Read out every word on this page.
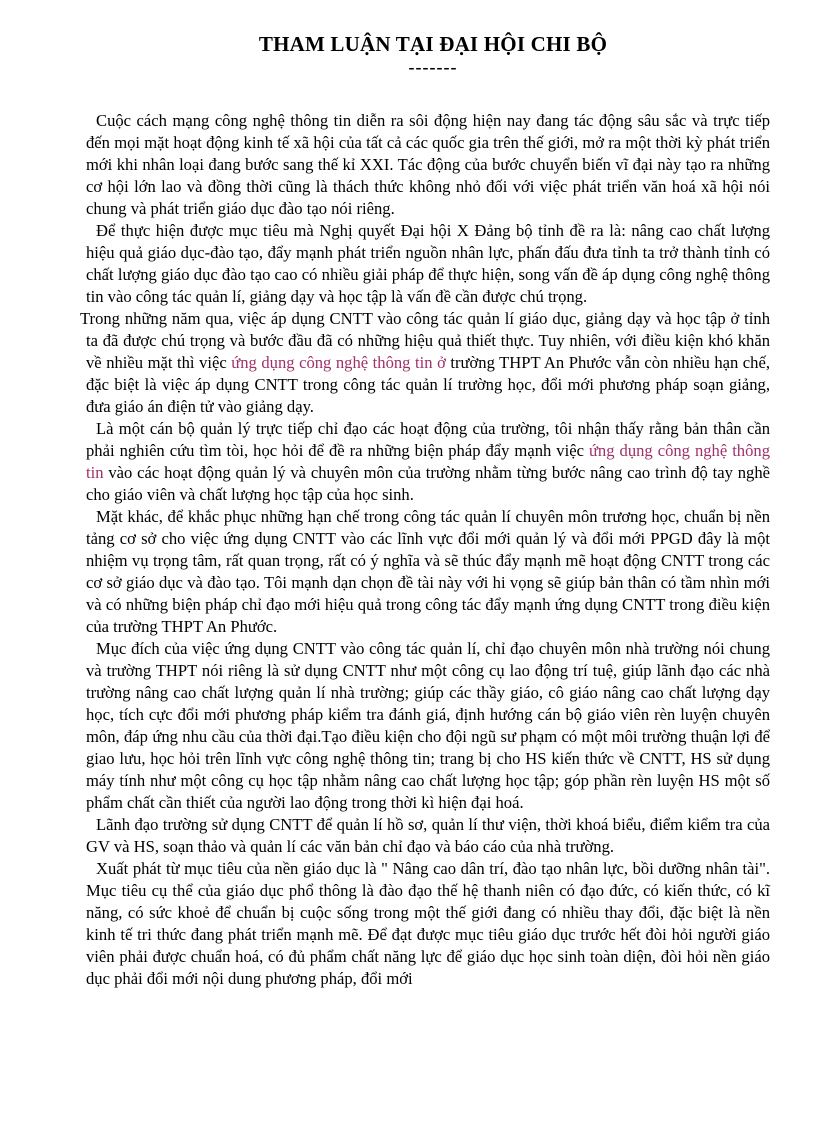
THAM LUẬN TẠI ĐẠI HỘI CHI BỘ
-------

Cuộc cách mạng công nghệ thông tin diễn ra sôi động hiện nay đang tác động sâu sắc và trực tiếp đến mọi mặt hoạt động kinh tế xã hội của tất cả các quốc gia trên thế giới, mở ra một thời kỳ phát triển mới khi nhân loại đang bước sang thế kỉ XXI. Tác động của bước chuyển biến vĩ đại này tạo ra những cơ hội lớn lao và đồng thời cũng là thách thức không nhỏ đối với việc phát triển văn hoá xã hội nói chung và phát triển giáo dục đào tạo nói riêng.

Để thực hiện được mục tiêu mà Nghị quyết Đại hội X Đảng bộ tỉnh đề ra là: nâng cao chất lượng hiệu quả giáo dục-đào tạo, đẩy mạnh phát triển nguồn nhân lực, phấn đấu đưa tỉnh ta trở thành tỉnh có chất lượng giáo dục đào tạo cao có nhiều giải pháp để thực hiện, song vấn đề áp dụng công nghệ thông tin vào công tác quản lí, giảng dạy và học tập là vấn đề cần được chú trọng.

Trong những năm qua, việc áp dụng CNTT vào công tác quản lí giáo dục, giảng dạy và học tập ở tỉnh ta đã được chú trọng và bước đầu đã có những hiệu quả thiết thực. Tuy nhiên, với điều kiện khó khăn về nhiều mặt thì việc ứng dụng công nghệ thông tin ở trường THPT An Phước vẫn còn nhiều hạn chế, đặc biệt là việc áp dụng CNTT trong công tác quản lí trường học, đổi mới phương pháp soạn giảng, đưa giáo án điện tử vào giảng dạy.

Là một cán bộ quản lý trực tiếp chỉ đạo các hoạt động của trường, tôi nhận thấy rằng bản thân cần phải nghiên cứu tìm tòi, học hỏi để đề ra những biện pháp đẩy mạnh việc ứng dụng công nghệ thông tin vào các hoạt động quản lý và chuyên môn của trường nhằm từng bước nâng cao trình độ tay nghề cho giáo viên và chất lượng học tập của học sinh.

Mặt khác, để khắc phục những hạn chế trong công tác quản lí chuyên môn trương học, chuẩn bị nền tảng cơ sở cho việc ứng dụng CNTT vào các lĩnh vực đổi mới quản lý và đổi mới PPGD đây là một nhiệm vụ trọng tâm, rất quan trọng, rất có ý nghĩa và sẽ thúc đẩy mạnh mẽ hoạt động CNTT trong các cơ sở giáo dục và đào tạo. Tôi mạnh dạn chọn đề tài này với hi vọng sẽ giúp bản thân có tầm nhìn mới và có những biện pháp chỉ đạo mới hiệu quả trong công tác đẩy mạnh ứng dụng CNTT trong điều kiện của trường THPT An Phước.

Mục đích của việc ứng dụng CNTT vào công tác quản lí, chỉ đạo chuyên môn nhà trường nói chung và trường THPT nói riêng là sử dụng CNTT như một công cụ lao động trí tuệ, giúp lãnh đạo các nhà trường nâng cao chất lượng quản lí nhà trường; giúp các thầy giáo, cô giáo nâng cao chất lượng dạy học, tích cực đổi mới phương pháp kiểm tra đánh giá, định hướng cán bộ giáo viên rèn luyện chuyên môn, đáp ứng nhu cầu của thời đại.Tạo điều kiện cho đội ngũ sư phạm có một môi trường thuận lợi để giao lưu, học hỏi trên lĩnh vực công nghệ thông tin; trang bị cho HS kiến thức về CNTT, HS sử dụng máy tính như một công cụ học tập nhằm nâng cao chất lượng học tập; góp phần rèn luyện HS một số phẩm chất cần thiết của người lao động trong thời kì hiện đại hoá.

Lãnh đạo trường sử dụng CNTT để quản lí hồ sơ, quản lí thư viện, thời khoá biểu, điểm kiểm tra của GV và HS, soạn thảo và quản lí các văn bản chỉ đạo và báo cáo của nhà trường.

Xuất phát từ mục tiêu của nền giáo dục là " Nâng cao dân trí, đào tạo nhân lực, bồi dưỡng nhân tài". Mục tiêu cụ thể của giáo dục phổ thông là đào đạo thế hệ thanh niên có đạo đức, có kiến thức, có kĩ năng, có sức khoẻ để chuẩn bị cuộc sống trong một thế giới đang có nhiều thay đổi, đặc biệt là nền kinh tế tri thức đang phát triển mạnh mẽ. Để đạt được mục tiêu giáo dục trước hết đòi hỏi người giáo viên phải được chuẩn hoá, có đủ phẩm chất năng lực để giáo dục học sinh toàn diện, đòi hỏi nền giáo dục phải đổi mới nội dung phương pháp, đổi mới
